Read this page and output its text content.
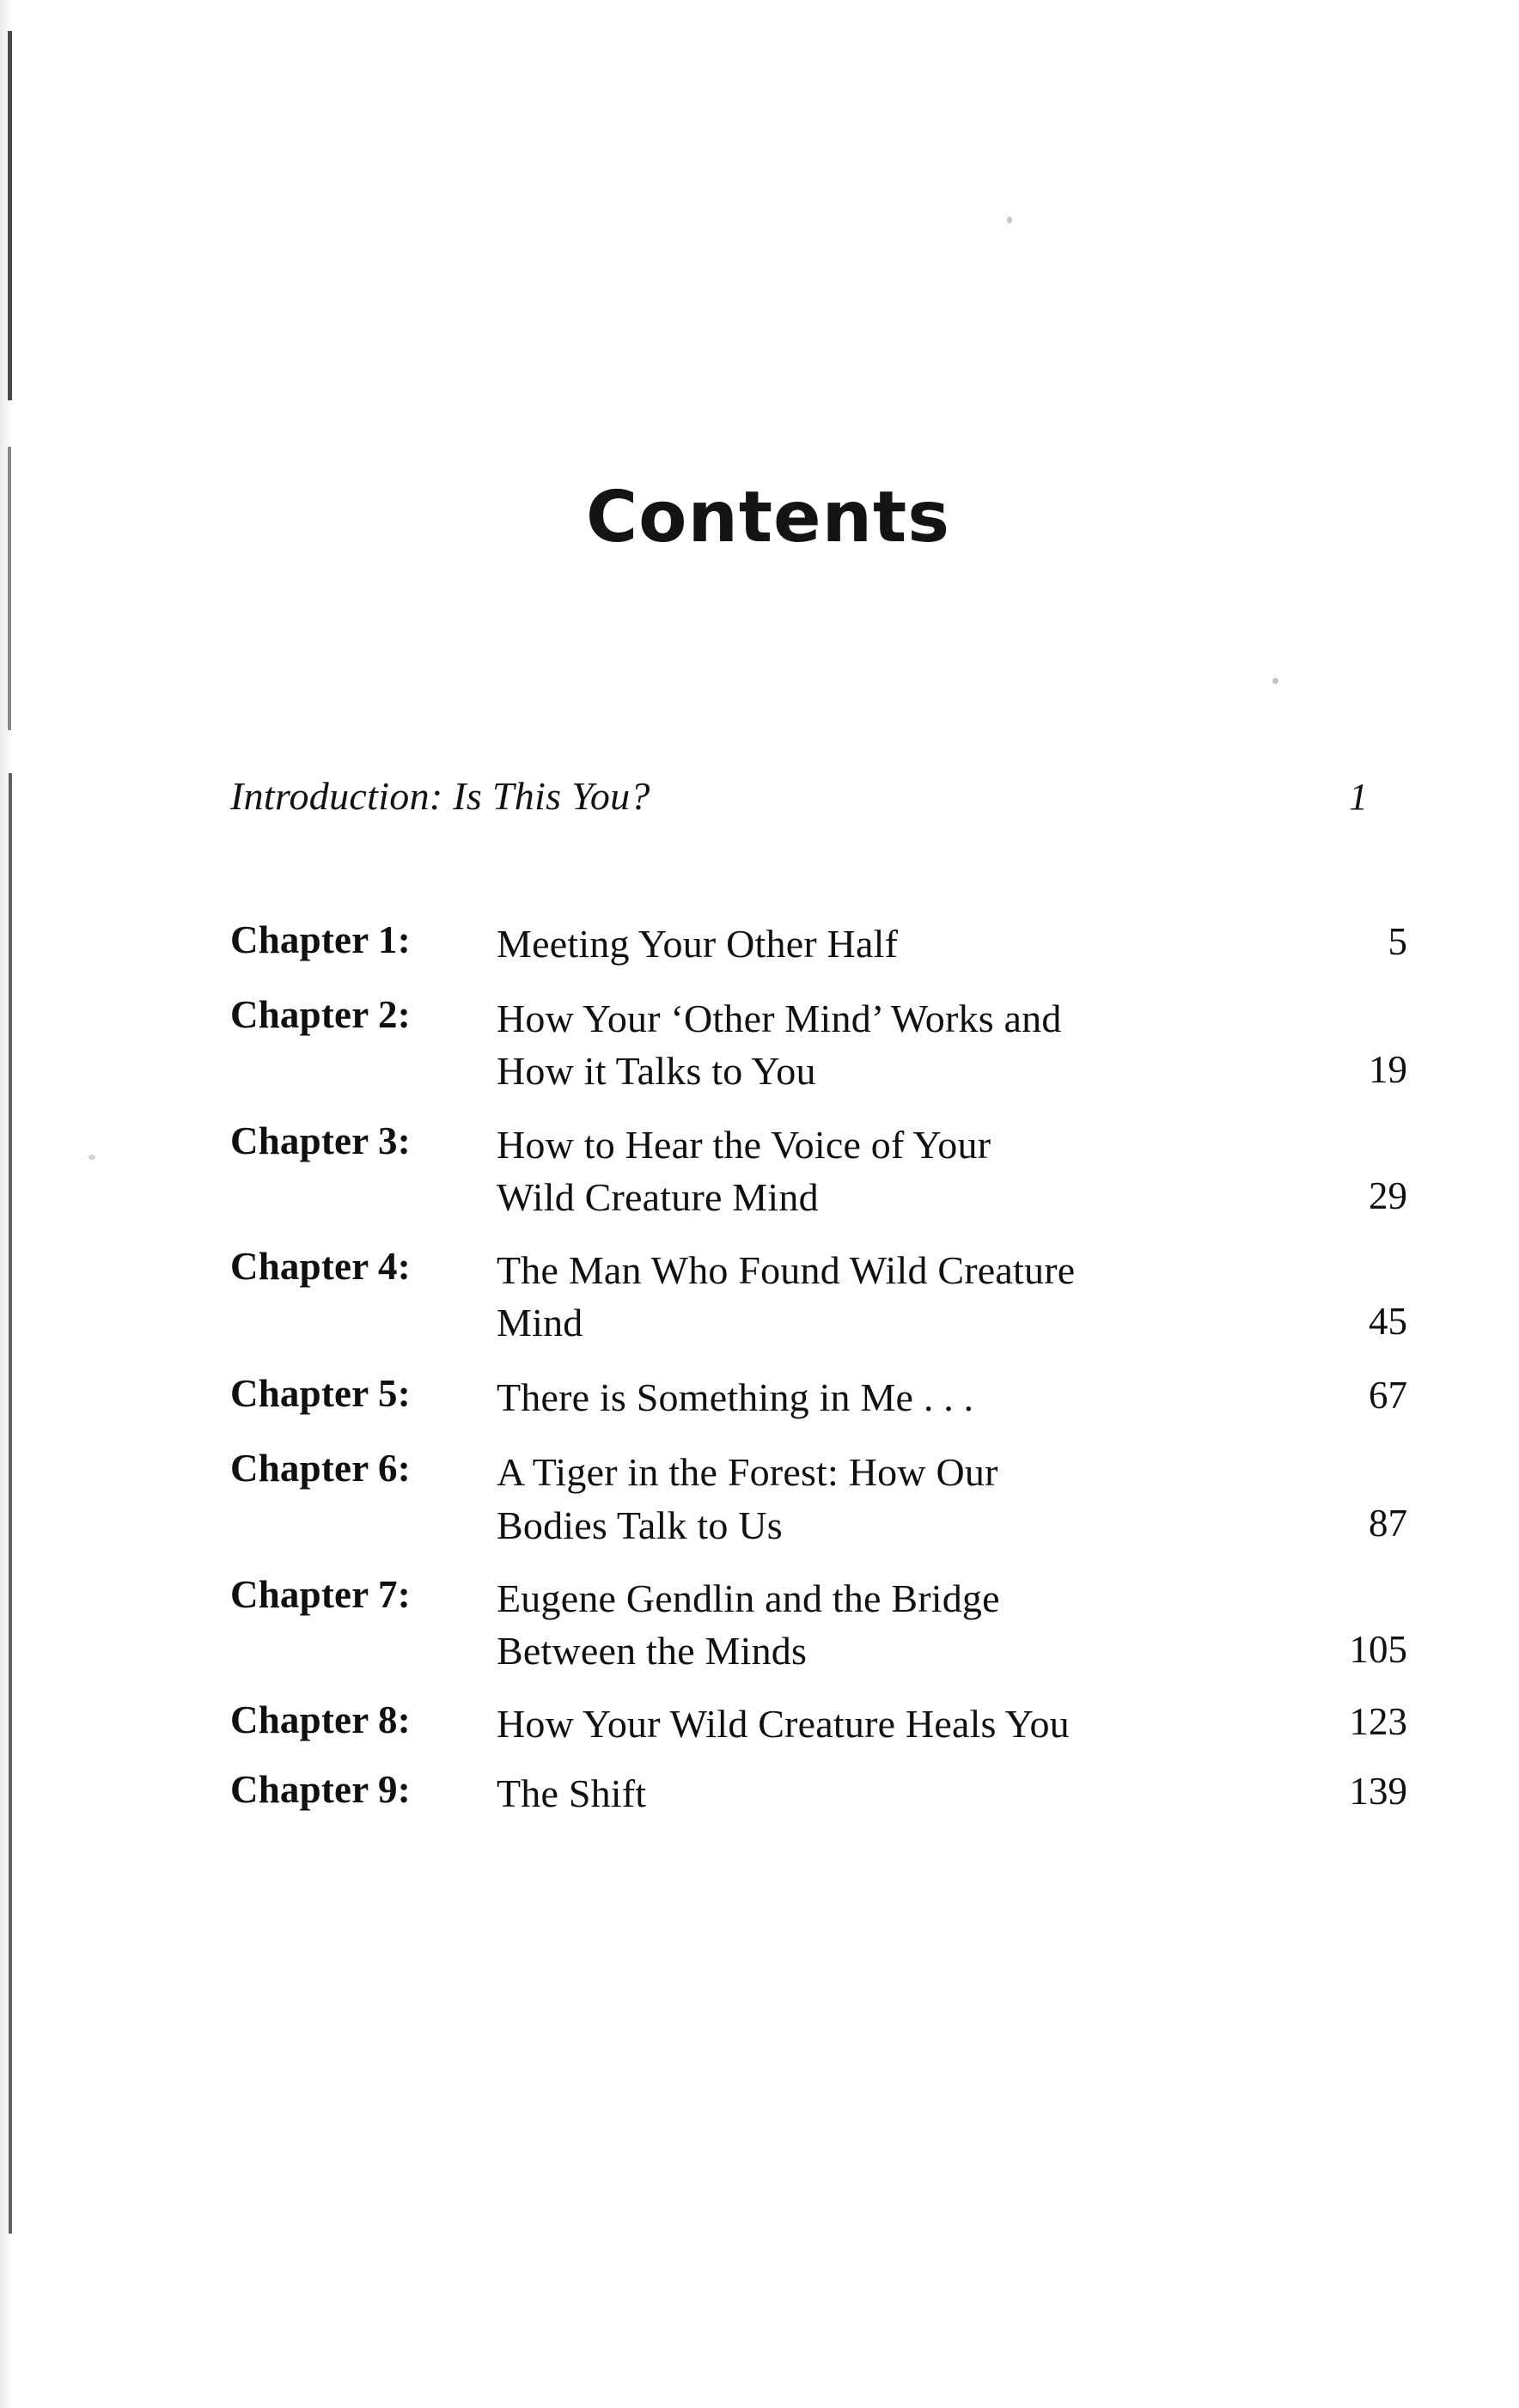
Contents
Introduction: Is This You?	1
Chapter 1: Meeting Your Other Half	5
Chapter 2: How Your ‘Other Mind’ Works and
How it Talks to You	19
Chapter 3: How to Hear the Voice of Your
Wild Creature Mind	29
Chapter 4: The Man Who Found Wild Creature
Mind	45
Chapter 5: There is Something in Me . . .	67
Chapter 6: A Tiger in the Forest: How Our
Bodies Talk to Us	87
Chapter 7: Eugene Gendlin and the Bridge
Between the Minds	105
Chapter 8: How Your Wild Creature Heals You	123
Chapter 9: The Shift	139
